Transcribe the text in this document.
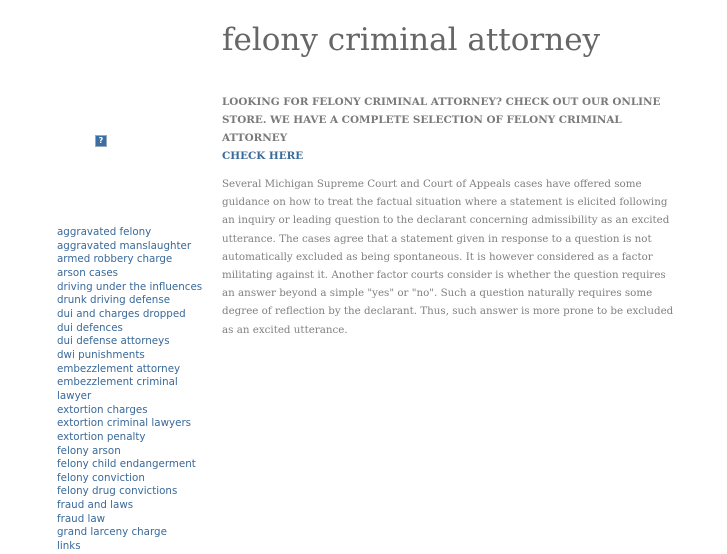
?
aggravated felony
aggravated manslaughter
armed robbery charge
arson cases
driving under the influences
drunk driving defense
dui and charges dropped
dui defences
dui defense attorneys
dwi punishments
embezzlement attorney
embezzlement criminal lawyer
extortion charges
extortion criminal lawyers
extortion penalty
felony arson
felony child endangerment
felony conviction
felony drug convictions
fraud and laws
fraud law
grand larceny charge
links
felony criminal attorney

LOOKING FOR FELONY CRIMINAL ATTORNEY? CHECK OUT OUR ONLINE STORE. WE HAVE A COMPLETE SELECTION OF FELONY CRIMINAL ATTORNEY

CHECK HERE

Several Michigan Supreme Court and Court of Appeals cases have offered some guidance on how to treat the factual situation where a statement is elicited following an inquiry or leading question to the declarant concerning admissibility as an excited utterance. The cases agree that a statement given in response to a question is not automatically excluded as being spontaneous. It is however considered as a factor militating against it. Another factor courts consider is whether the question requires an answer beyond a simple "yes" or "no". Such a question naturally requires some degree of reflection by the declarant. Thus, such answer is more prone to be excluded as an excited utterance.
